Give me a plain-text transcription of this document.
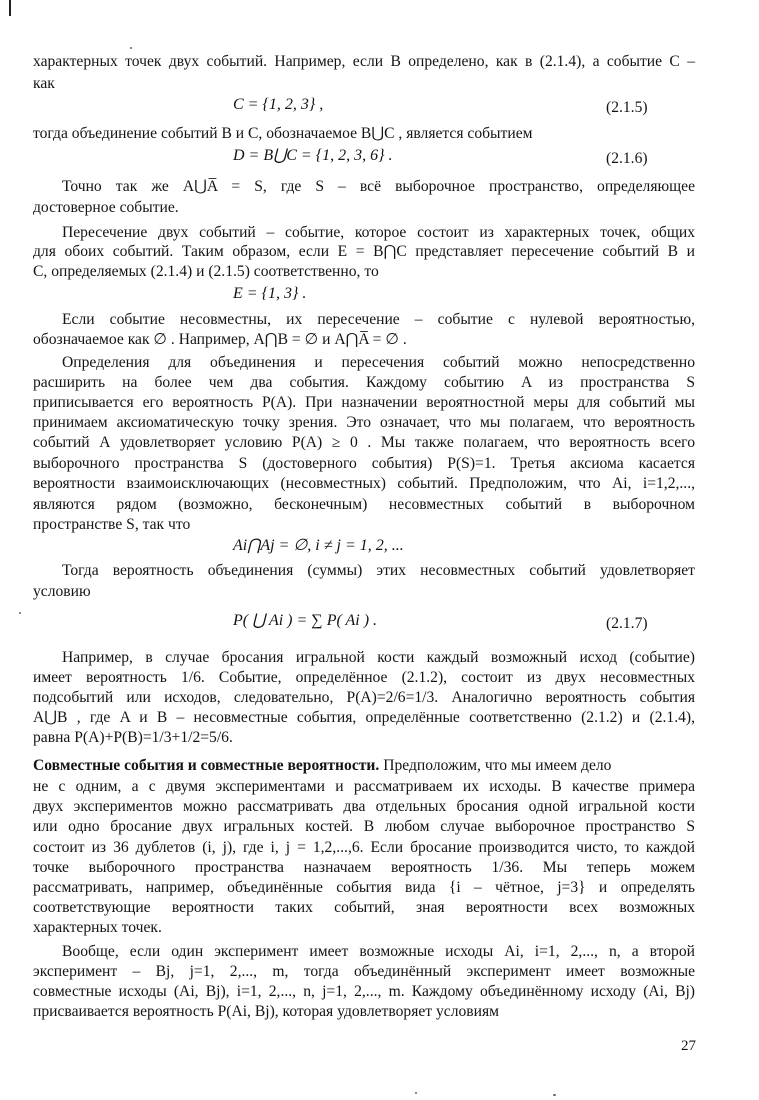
характерных точек двух событий. Например, если B определено, как в (2.1.4), а событие C –
как
C = {1, 2, 3} ,	(2.1.5)
тогда объединение событий B и C, обозначаемое B⋃C , является событием
D = B⋃C = {1, 2, 3, 6} .	(2.1.6)
Точно так же A⋃A̅ = S, где S – всё выборочное пространство, определяющее
достоверное событие.
Пересечение двух событий – событие, которое состоит из характерных точек, общих
для обоих событий. Таким образом, если E = B⋂C представляет пересечение событий B и
C, определяемых (2.1.4) и (2.1.5) соответственно, то
E = {1, 3} .
Если событие несовместны, их пересечение – событие с нулевой вероятностью,
обозначаемое как ∅ . Например, A⋂B = ∅ и A⋂A̅ = ∅ .
Определения для объединения и пересечения событий можно непосредственно
расширить на более чем два события. Каждому событию A из пространства S
приписывается его вероятность P(A). При назначении вероятностной меры для событий мы
принимаем аксиоматическую точку зрения. Это означает, что мы полагаем, что вероятность
событий А удовлетворяет условию P(A) ≥ 0 . Мы также полагаем, что вероятность всего
выборочного пространства S (достоверного события) P(S)=1. Третья аксиома касается
вероятности взаимоисключающих (несовместных) событий. Предположим, что Ai, i=1,2,...,
являются рядом (возможно, бесконечным) несовместных событий в выборочном
пространстве S, так что
Ai⋂Aj = ∅, i ≠ j = 1, 2, ...
Тогда вероятность объединения (суммы) этих несовместных событий удовлетворяет
условию
P( ⋃ Ai ) = ∑ P( Ai ) .	(2.1.7)
Например, в случае бросания игральной кости каждый возможный исход (событие)
имеет вероятность 1/6. Событие, определённое (2.1.2), состоит из двух несовместных
подсобытий или исходов, следовательно, P(A)=2/6=1/3. Аналогично вероятность события
A⋃B , где A и B – несовместные события, определённые соответственно (2.1.2) и (2.1.4),
равна P(A)+P(B)=1/3+1/2=5/6.
Совместные события и совместные вероятности. Предположим, что мы имеем дело
не с одним, а с двумя экспериментами и рассматриваем их исходы. В качестве примера
двух экспериментов можно рассматривать два отдельных бросания одной игральной кости
или одно бросание двух игральных костей. В любом случае выборочное пространство S
состоит из 36 дублетов (i, j), где i, j = 1,2,...,6. Если бросание производится чисто, то каждой
точке выборочного пространства назначаем вероятность 1/36. Мы теперь можем
рассматривать, например, объединённые события вида {i – чётное, j=3} и определять
соответствующие вероятности таких событий, зная вероятности всех возможных
характерных точек.
Вообще, если один эксперимент имеет возможные исходы Ai, i=1, 2,..., n, а второй
эксперимент – Bj, j=1, 2,..., m, тогда объединённый эксперимент имеет возможные
совместные исходы (Ai, Bj), i=1, 2,..., n, j=1, 2,..., m. Каждому объединённому исходу (Ai, Bj)
присваивается вероятность P(Ai, Bj), которая удовлетворяет условиям
27
